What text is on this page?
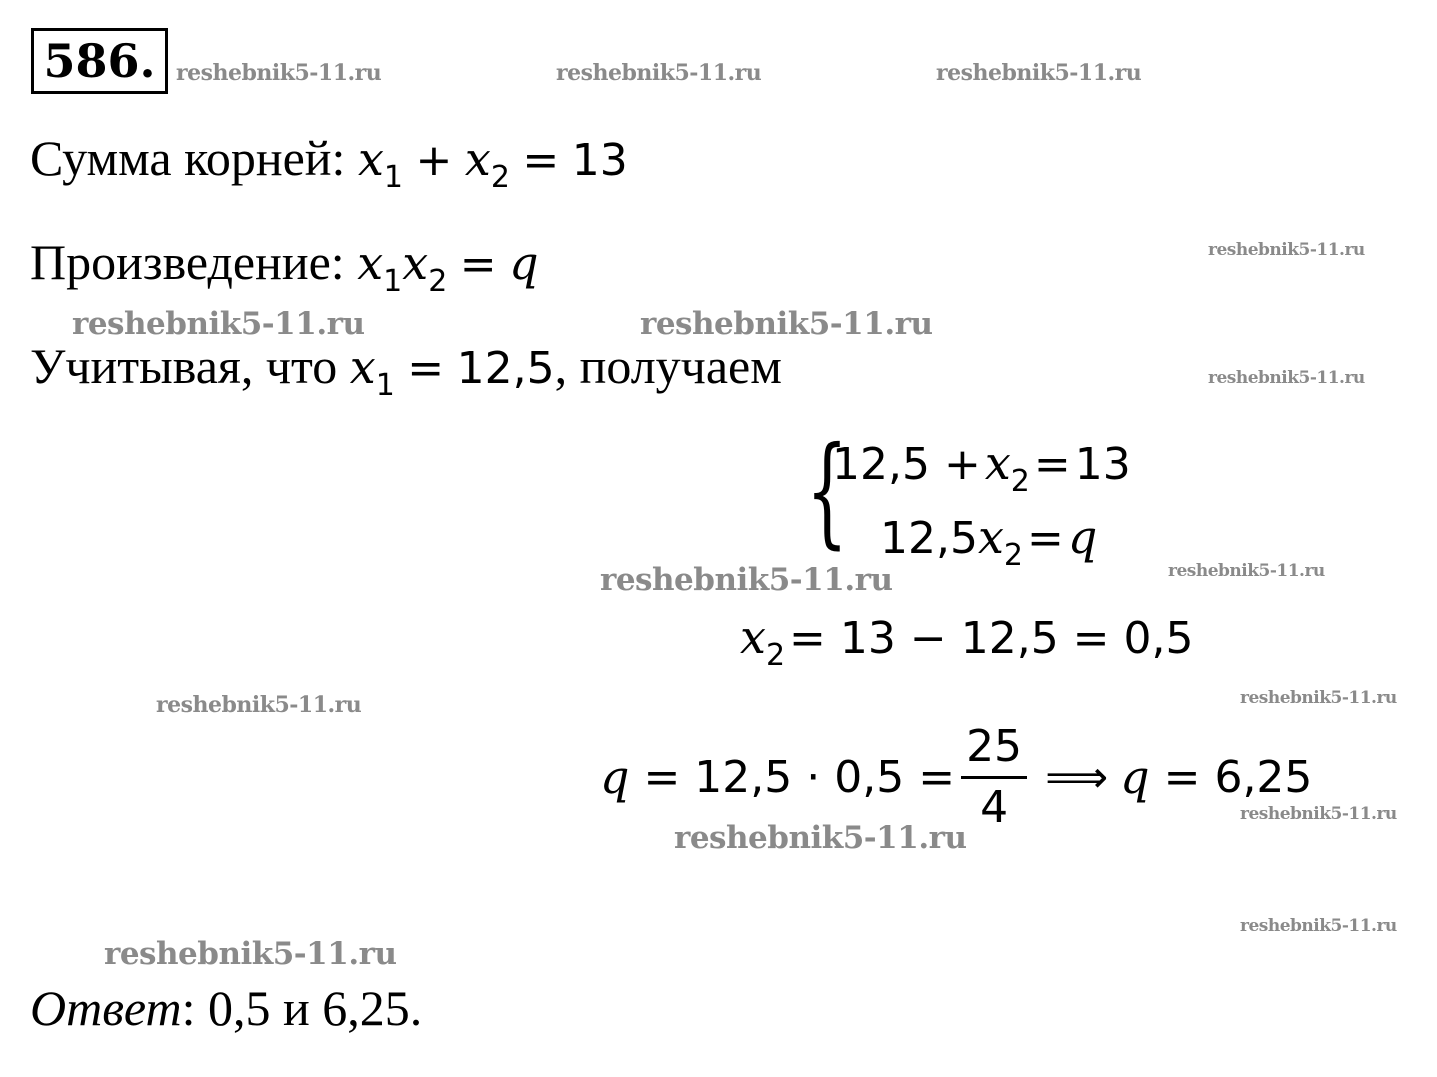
586. reshebnik5-11.ru	reshebnik5-11.ru	reshebnik5-11.ru
reshebnik5-11.ru
reshebnik5-11.ru	reshebnik5-11.ru
reshebnik5-11.ru
reshebnik5-11.ru	reshebnik5-11.ru
reshebnik5-11.ru	reshebnik5-11.ru
reshebnik5-11.ru
reshebnik5-11.ru
reshebnik5-11.ru
reshebnik5-11.ru
Сумма корней: $x_1 + x_2 = 13$
Произведение: $x_1x_2 = q$
Учитывая, что $x_1 = 12,5$, получаем
{
12,5 + x2 = 13
12,5x2 = q
x2 = 13 − 12,5 = 0,5
$q = 12,5 \cdot 0,5 = \frac{25}{4}$ ⟹ q = 6,25
Ответ: 0,5 и 6,25.
